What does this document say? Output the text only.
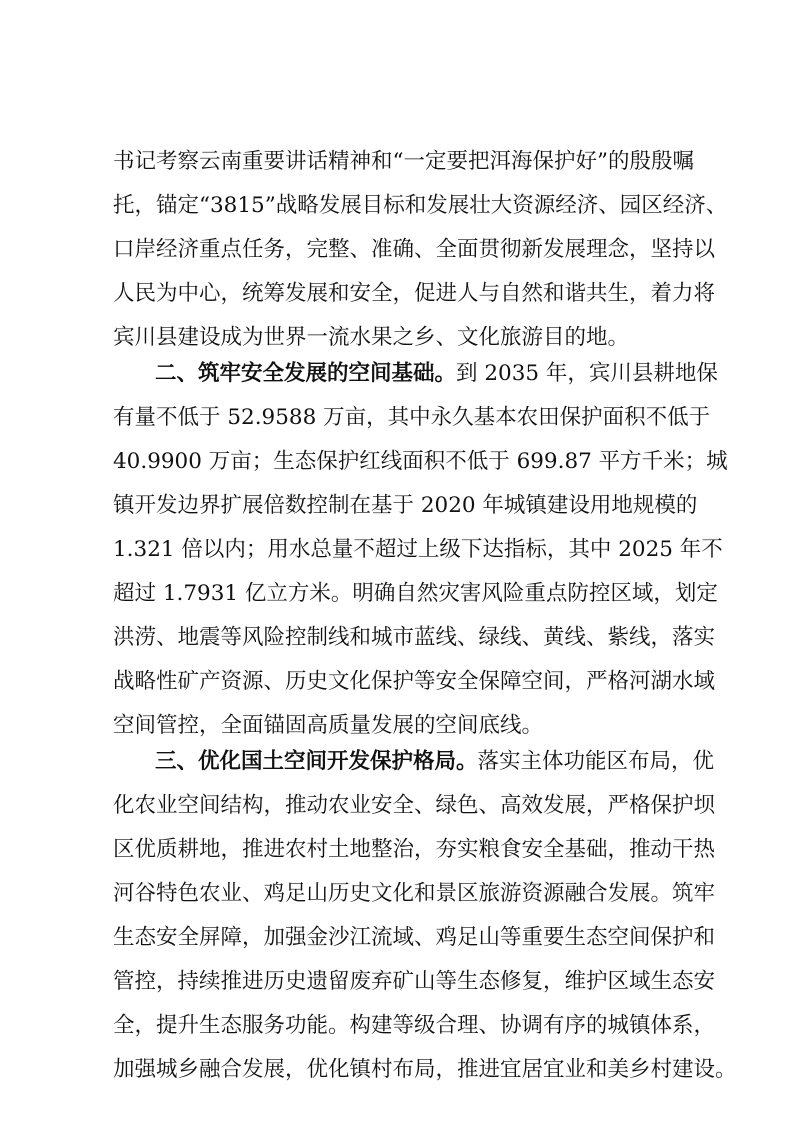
书记考察云南重要讲话精神和“一定要把洱海保护好”的殷殷嘱
托，锚定“3815”战略发展目标和发展壮大资源经济、园区经济、
口岸经济重点任务，完整、准确、全面贯彻新发展理念，坚持以
人民为中心，统筹发展和安全，促进人与自然和谐共生，着力将
宾川县建设成为世界一流水果之乡、文化旅游目的地。
二、筑牢安全发展的空间基础。到 2035 年，宾川县耕地保
有量不低于 52.9588 万亩，其中永久基本农田保护面积不低于
40.9900 万亩；生态保护红线面积不低于 699.87 平方千米；城
镇开发边界扩展倍数控制在基于 2020 年城镇建设用地规模的
1.321 倍以内；用水总量不超过上级下达指标，其中 2025 年不
超过 1.7931 亿立方米。明确自然灾害风险重点防控区域，划定
洪涝、地震等风险控制线和城市蓝线、绿线、黄线、紫线，落实
战略性矿产资源、历史文化保护等安全保障空间，严格河湖水域
空间管控，全面锚固高质量发展的空间底线。
三、优化国土空间开发保护格局。落实主体功能区布局，优
化农业空间结构，推动农业安全、绿色、高效发展，严格保护坝
区优质耕地，推进农村土地整治，夯实粮食安全基础，推动干热
河谷特色农业、鸡足山历史文化和景区旅游资源融合发展。筑牢
生态安全屏障，加强金沙江流域、鸡足山等重要生态空间保护和
管控，持续推进历史遗留废弃矿山等生态修复，维护区域生态安
全，提升生态服务功能。构建等级合理、协调有序的城镇体系，
加强城乡融合发展，优化镇村布局，推进宜居宜业和美乡村建设。
